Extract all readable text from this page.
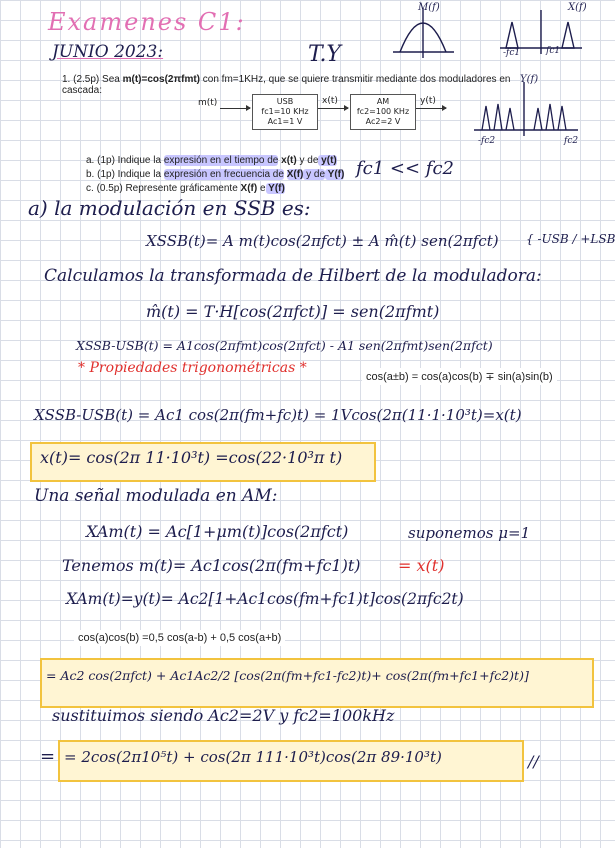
Examenes C1:
JUNIO 2023:	T.Y
M(f)	X(f)
-fc1	fc1
Y(f)
-fc2	fc2
1. (2.5p) Sea m(t)=cos(2πfmt) con fm=1KHz, que se quiere transmitir mediante dos moduladores en cascada:
a. (1p) Indique la expresión en el tiempo de x(t) y de y(t)
b. (1p) Indique la expresión en frecuencia de X(f) y de Y(f)
c. (0.5p) Represente gráficamente X(f) e Y(f)
m(t)	USB
fc1=10 KHz
Ac1=1 V
x(t)	AM
fc2=100 KHz
Ac2=2 V
y(t)
fc1 << fc2
a) la modulación en SSB es:
XSSB(t)= A m(t)cos(2πfct) ± A m̂(t) sen(2πfct) { -USB / +LSB
Calculamos la transformada de Hilbert de la moduladora:
m̂(t) = T·H[cos(2πfct)] = sen(2πfmt)
XSSB-USB(t) = A1cos(2πfmt)cos(2πfct) - A1 sen(2πfmt)sen(2πfct)
* Propiedades trigonométricas *
cos(a±b) = cos(a)cos(b) ∓ sin(a)sin(b)
XSSB-USB(t) = Ac1 cos(2π(fm+fc)t) = 1Vcos(2π(11·1·10³t)=x(t)
x(t)= cos(2π 11·10³t) =cos(22·10³π t)
Una señal modulada en AM:
XAm(t) = Ac[1+μm(t)]cos(2πfct)	suponemos μ=1
Tenemos m(t)= Ac1cos(2π(fm+fc1)t) = x(t)
XAm(t)=y(t)= Ac2[1+Ac1cos(fm+fc1)t]cos(2πfc2t)
cos(a)cos(b) =0,5 cos(a-b) + 0,5 cos(a+b)
= Ac2 cos(2πfct) + Ac1Ac2/2 [cos(2π(fm+fc1-fc2)t)+ cos(2π(fm+fc1+fc2)t)]
sustituimos siendo Ac2=2V y fc2=100kHz
= = 2cos(2π10⁵t) + cos(2π 111·10³t)cos(2π 89·10³t)	//
